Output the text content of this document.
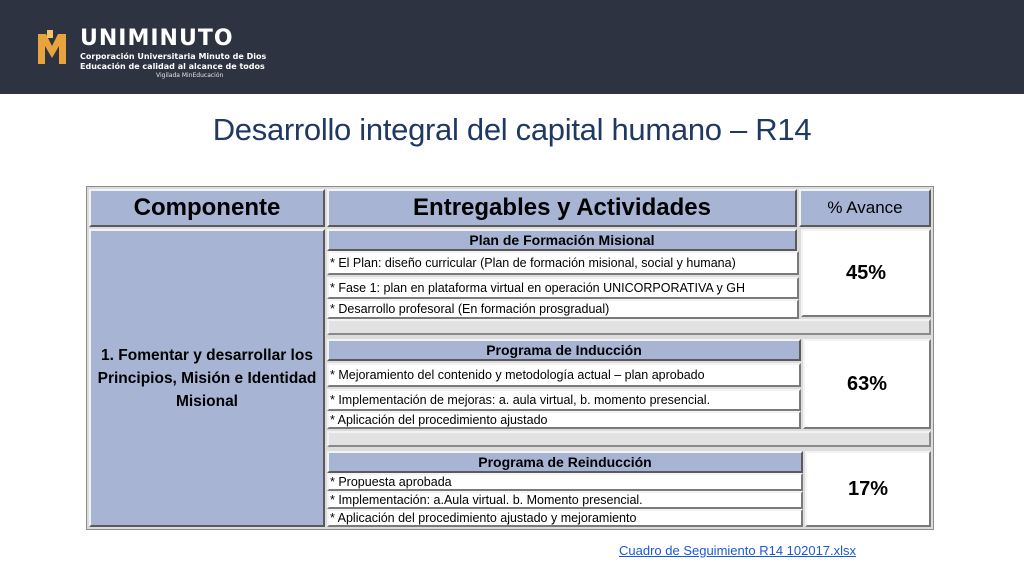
UNIMINUTO
Corporación Universitaria Minuto de Dios
Educación de calidad al alcance de todos
Vigilada MinEducación
Desarrollo integral del capital humano – R14
Componente	Entregables y Actividades	% Avance
1. Fomentar y desarrollar los Principios, Misión e Identidad Misional
Plan de Formación Misional
* El Plan: diseño curricular (Plan de formación misional, social y humana)
* Fase 1: plan en plataforma virtual en operación UNICORPORATIVA y GH
* Desarrollo profesoral (En formación prosgradual)
45%
Programa de Inducción
* Mejoramiento del contenido y metodología actual – plan aprobado
* Implementación de mejoras: a. aula virtual, b. momento presencial.
* Aplicación del procedimiento ajustado
63%
Programa de Reinducción
* Propuesta aprobada
* Implementación: a.Aula virtual. b. Momento presencial.
* Aplicación del procedimiento ajustado y mejoramiento
17%
Cuadro de Seguimiento R14 102017.xlsx
